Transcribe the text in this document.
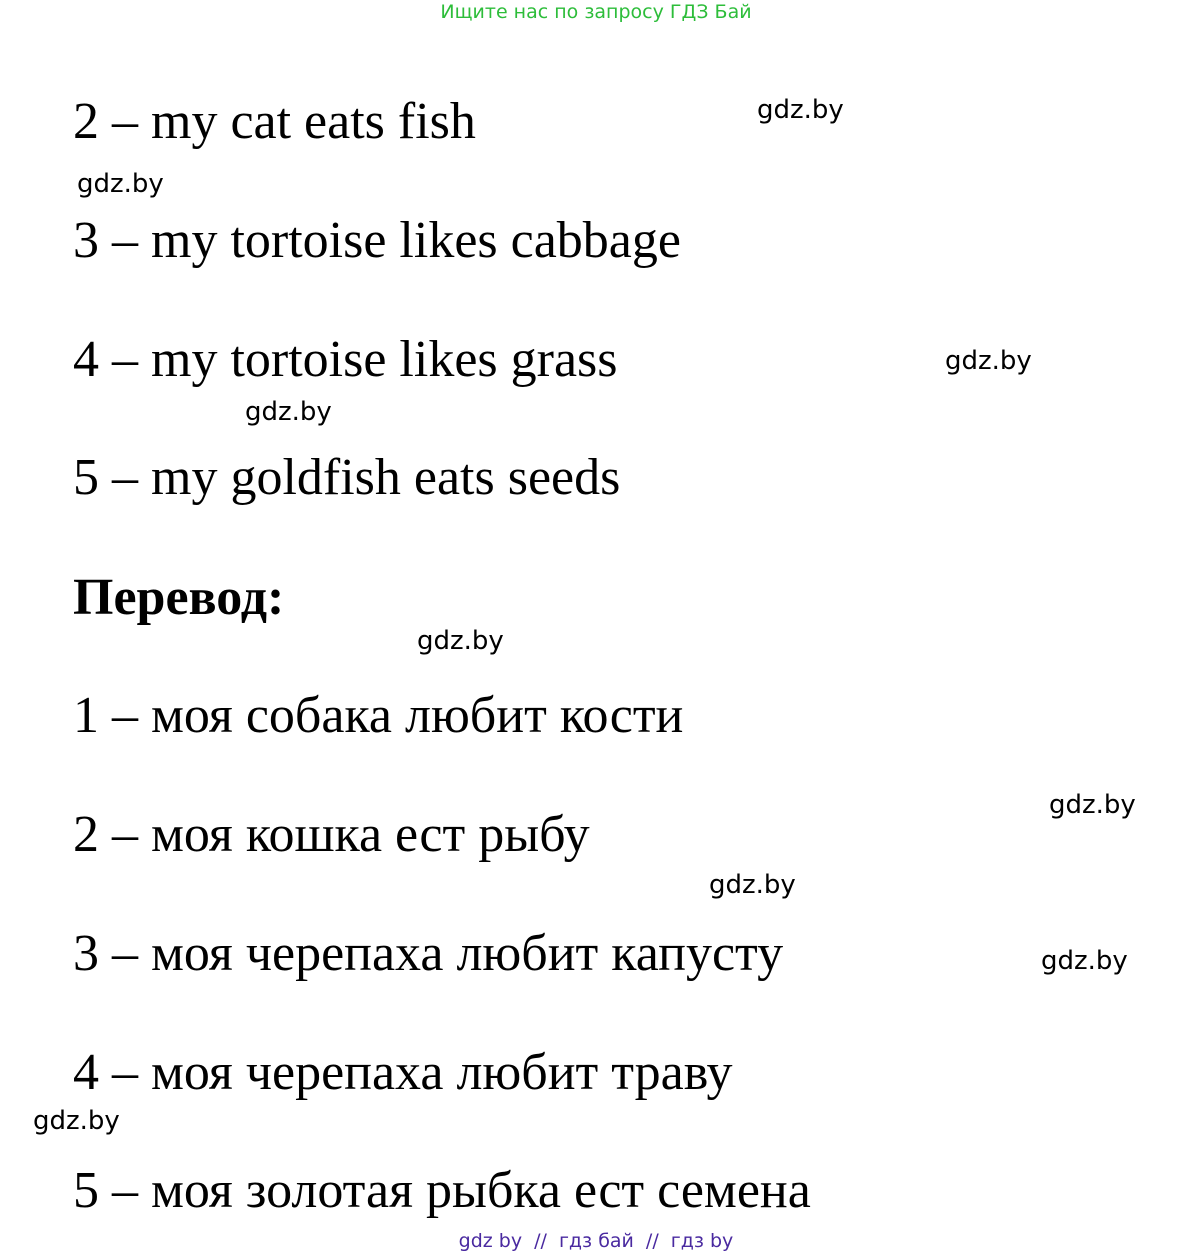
Ищите нас по запросу ГДЗ Бай
2 – my cat eats fish	gdz.by
gdz.by
3 – my tortoise likes cabbage
4 – my tortoise likes grass	gdz.by
gdz.by
5 – my goldfish eats seeds
Перевод:
gdz.by
1 – моя собака любит кости
gdz.by
2 – моя кошка ест рыбу
gdz.by
3 – моя черепаха любит капусту	gdz.by
4 – моя черепаха любит траву
gdz.by
5 – моя золотая рыбка ест семена
gdz by // гдз бай // гдз by
